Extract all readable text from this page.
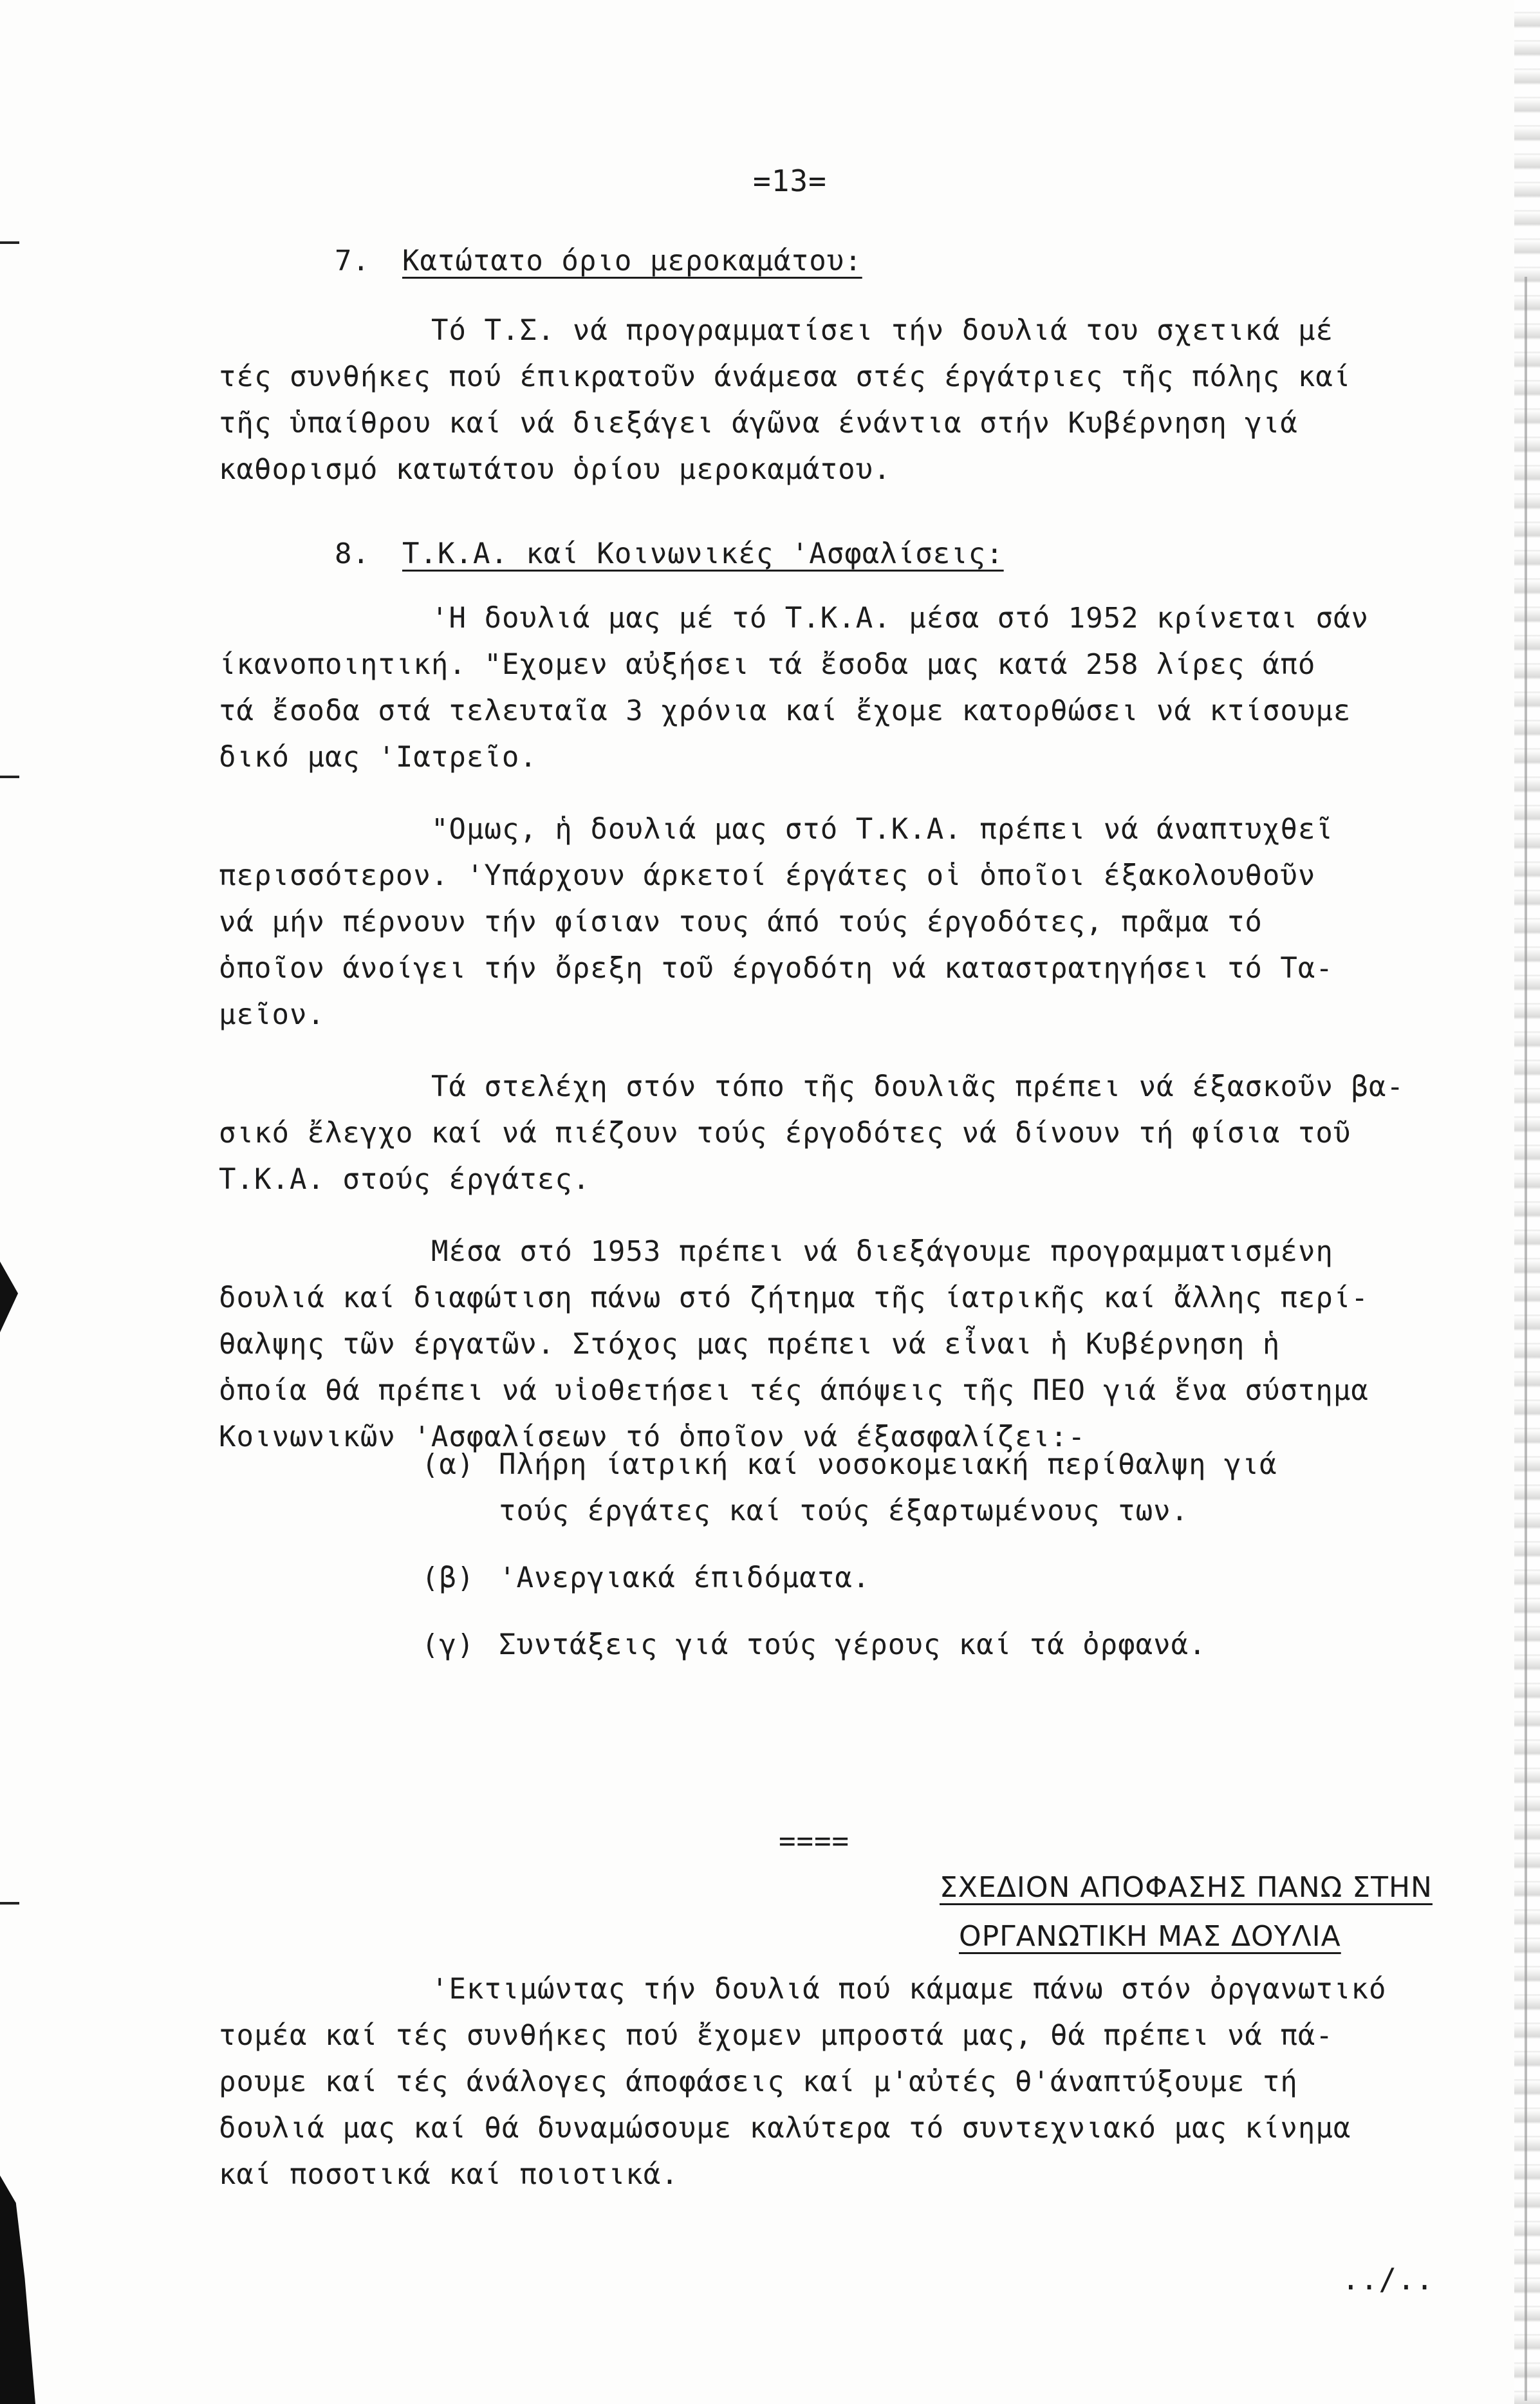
=13=
7. Κατώτατο όριο μεροκαμάτου:

Τό Τ.Σ. νά προγραμματίσει τήν δουλιά του σχετικά μέ
τές συνθήκες πού έπικρατοῦν άνάμεσα στές έργάτριες τῆς πόλης καί
τῆς ὑπαίθρου καί νά διεξάγει άγῶνα ένάντια στήν Κυβέρνηση γιά
καθορισμό κατωτάτου ὁρίου μεροκαμάτου.

8. Τ.Κ.Α. καί Κοινωνικές 'Ασφαλίσεις:

'Η δουλιά μας μέ τό Τ.Κ.Α. μέσα στό 1952 κρίνεται σάν
ίκανοποιητική. "Εχομεν αὐξήσει τά ἔσοδα μας κατά 258 λίρες άπό
τά ἔσοδα στά τελευταῖα 3 χρόνια καί ἔχομε κατορθώσει νά κτίσουμε
δικό μας 'Ιατρεῖο.

"Ομως, ἡ δουλιά μας στό Τ.Κ.Α. πρέπει νά άναπτυχθεῖ
περισσότερον. 'Υπάρχουν άρκετοί έργάτες οἱ ὁποῖοι έξακολουθοῦν
νά μήν πέρνουν τήν φίσιαν τους άπό τούς έργοδότες, πρᾶμα τό
ὁποῖον άνοίγει τήν ὄρεξη τοῦ έργοδότη νά καταστρατηγήσει τό Τα-
μεῖον.

Τά στελέχη στόν τόπο τῆς δουλιᾶς πρέπει νά έξασκοῦν βα-
σικό ἔλεγχο καί νά πιέζουν τούς έργοδότες νά δίνουν τή φίσια τοῦ
Τ.Κ.Α. στούς έργάτες.

Μέσα στό 1953 πρέπει νά διεξάγουμε προγραμματισμένη
δουλιά καί διαφώτιση πάνω στό ζήτημα τῆς ίατρικῆς καί ἄλλης περί-
θαλψης τῶν έργατῶν. Στόχος μας πρέπει νά εἶναι ἡ Κυβέρνηση ἡ
ὁποία θά πρέπει νά υἱοθετήσει τές άπόψεις τῆς ΠΕΟ γιά ἕνα σύστημα
Κοινωνικῶν 'Ασφαλίσεων τό ὁποῖον νά έξασφαλίζει:-

(α) Πλήρη ίατρική καί νοσοκομειακή περίθαλψη γιά
τούς έργάτες καί τούς έξαρτωμένους των.
(β) 'Ανεργιακά έπιδόματα.
(γ) Συντάξεις γιά τούς γέρους καί τά ὀρφανά.
====
ΣΧΕΔΙΟΝ ΑΠΟΦΑΣΗΣ ΠΑΝΩ ΣΤΗΝ
ΟΡΓΑΝΩΤΙΚΗ ΜΑΣ ΔΟΥΛΙΑ

'Εκτιμώντας τήν δουλιά πού κάμαμε πάνω στόν ὀργανωτικό
τομέα καί τές συνθήκες πού ἔχομεν μπροστά μας, θά πρέπει νά πά-
ρουμε καί τές άνάλογες άποφάσεις καί μ'αὐτές θ'άναπτύξουμε τή
δουλιά μας καί θά δυναμώσουμε καλύτερα τό συντεχνιακό μας κίνημα
καί ποσοτικά καί ποιοτικά.

../..
